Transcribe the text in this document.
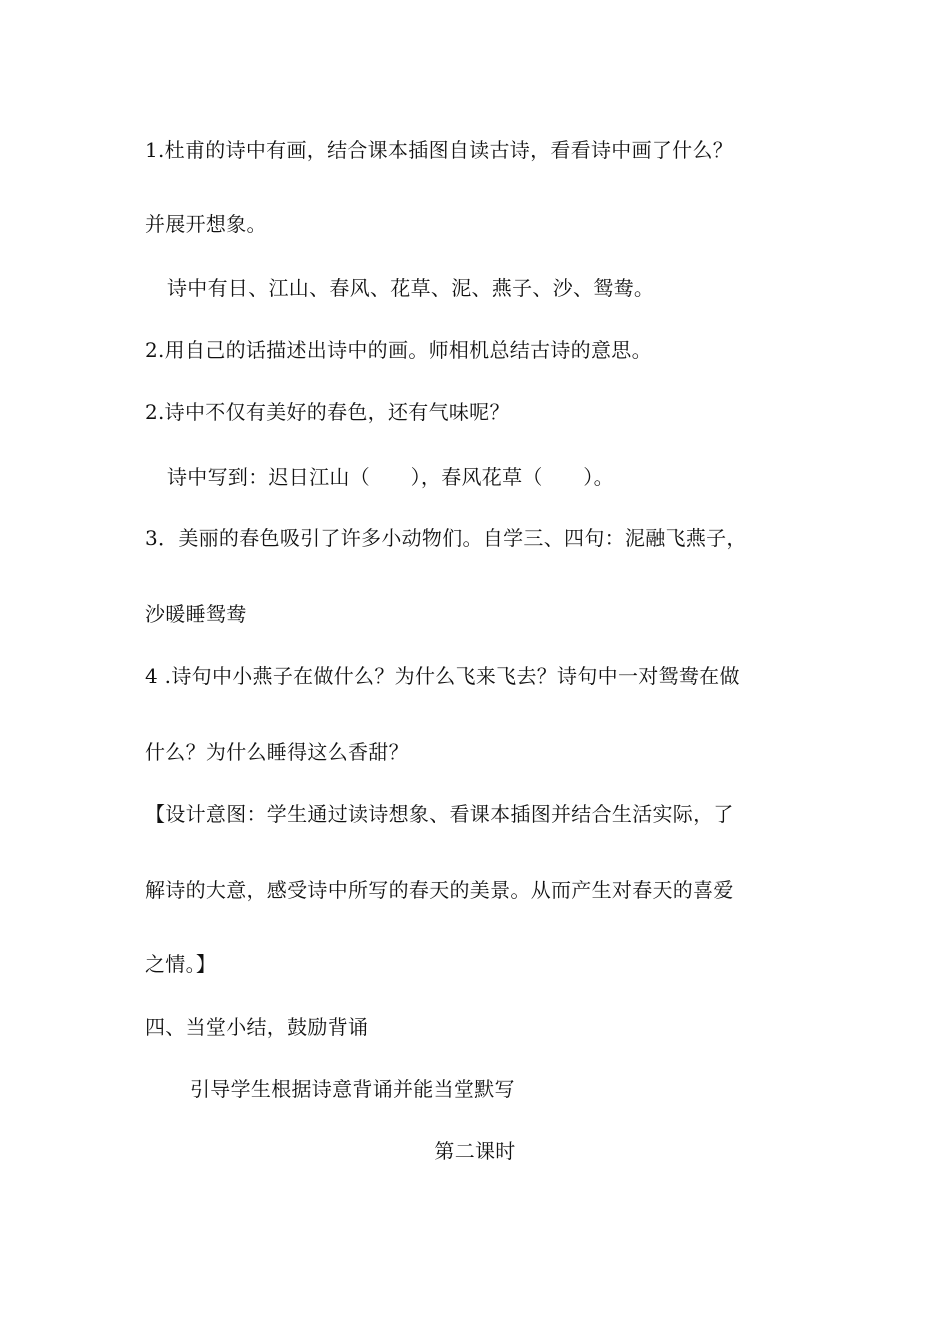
1.杜甫的诗中有画，结合课本插图自读古诗，看看诗中画了什么？
并展开想象。
诗中有日、江山、春风、花草、泥、燕子、沙、鸳鸯。
2.用自己的话描述出诗中的画。师相机总结古诗的意思。
2.诗中不仅有美好的春色，还有气味呢？
诗中写到：迟日江山（　　），春风花草（　　）。
3．美丽的春色吸引了许多小动物们。自学三、四句：泥融飞燕子，
沙暖睡鸳鸯
4 .诗句中小燕子在做什么？为什么飞来飞去？诗句中一对鸳鸯在做
什么？为什么睡得这么香甜？
【设计意图：学生通过读诗想象、看课本插图并结合生活实际，了
解诗的大意，感受诗中所写的春天的美景。从而产生对春天的喜爱
之情。】
四、当堂小结，鼓励背诵
引导学生根据诗意背诵并能当堂默写
第二课时
